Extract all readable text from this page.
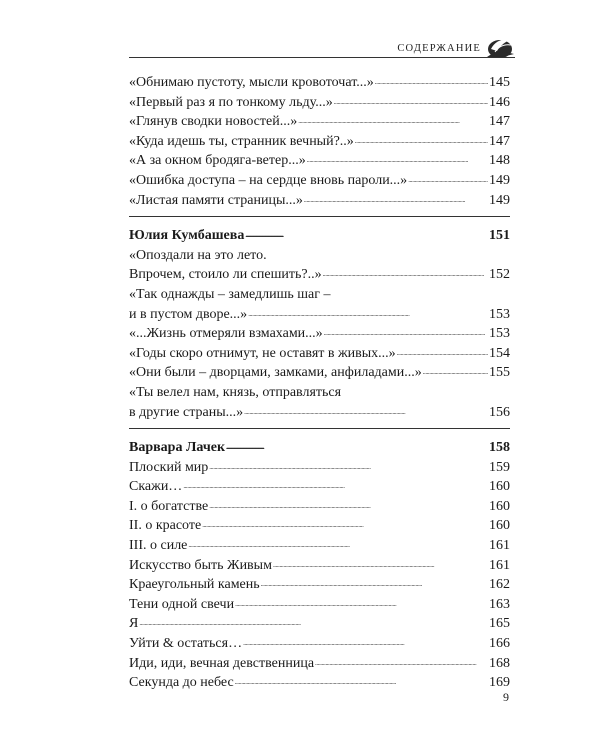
СОДЕРЖАНИЕ
«Обнимаю пустоту, мысли кровоточат...» . . .	145
«Первый раз я по тонкому льду...» . . .	146
«Глянув сводки новостей...» . . .	147
«Куда идешь ты, странник вечный?..» . . .	147
«А за окном бродяга-ветер...» . . .	148
«Ошибка доступа – на сердце вновь пароли...» . . .	149
«Листая памяти страницы...» . . .	149
Юлия Кумбашева . . .	151
«Опоздали на это лето.
Впрочем, стоило ли спешить?..» . . .	152
«Так однажды – замедлишь шаг –
и в пустом дворе...» . . .	153
«...Жизнь отмеряли взмахами...» . . .	153
«Годы скоро отнимут, не оставят в живых...» . . .	154
«Они были – дворцами, замками, анфиладами...» . . .	155
«Ты велел нам, князь, отправляться
в другие страны...» . . .	156
Варвара Лачек . . .	158
Плоский мир . . .	159
Скажи… . . .	160
I. о богатстве . . .	160
II. о красоте . . .	160
III. о силе . . .	161
Искусство быть Живым . . .	161
Краеугольный камень . . .	162
Тени одной свечи . . .	163
Я . . .	165
Уйти & остаться… . . .	166
Иди, иди, вечная девственница . . .	168
Секунда до небес . . .	169
9
